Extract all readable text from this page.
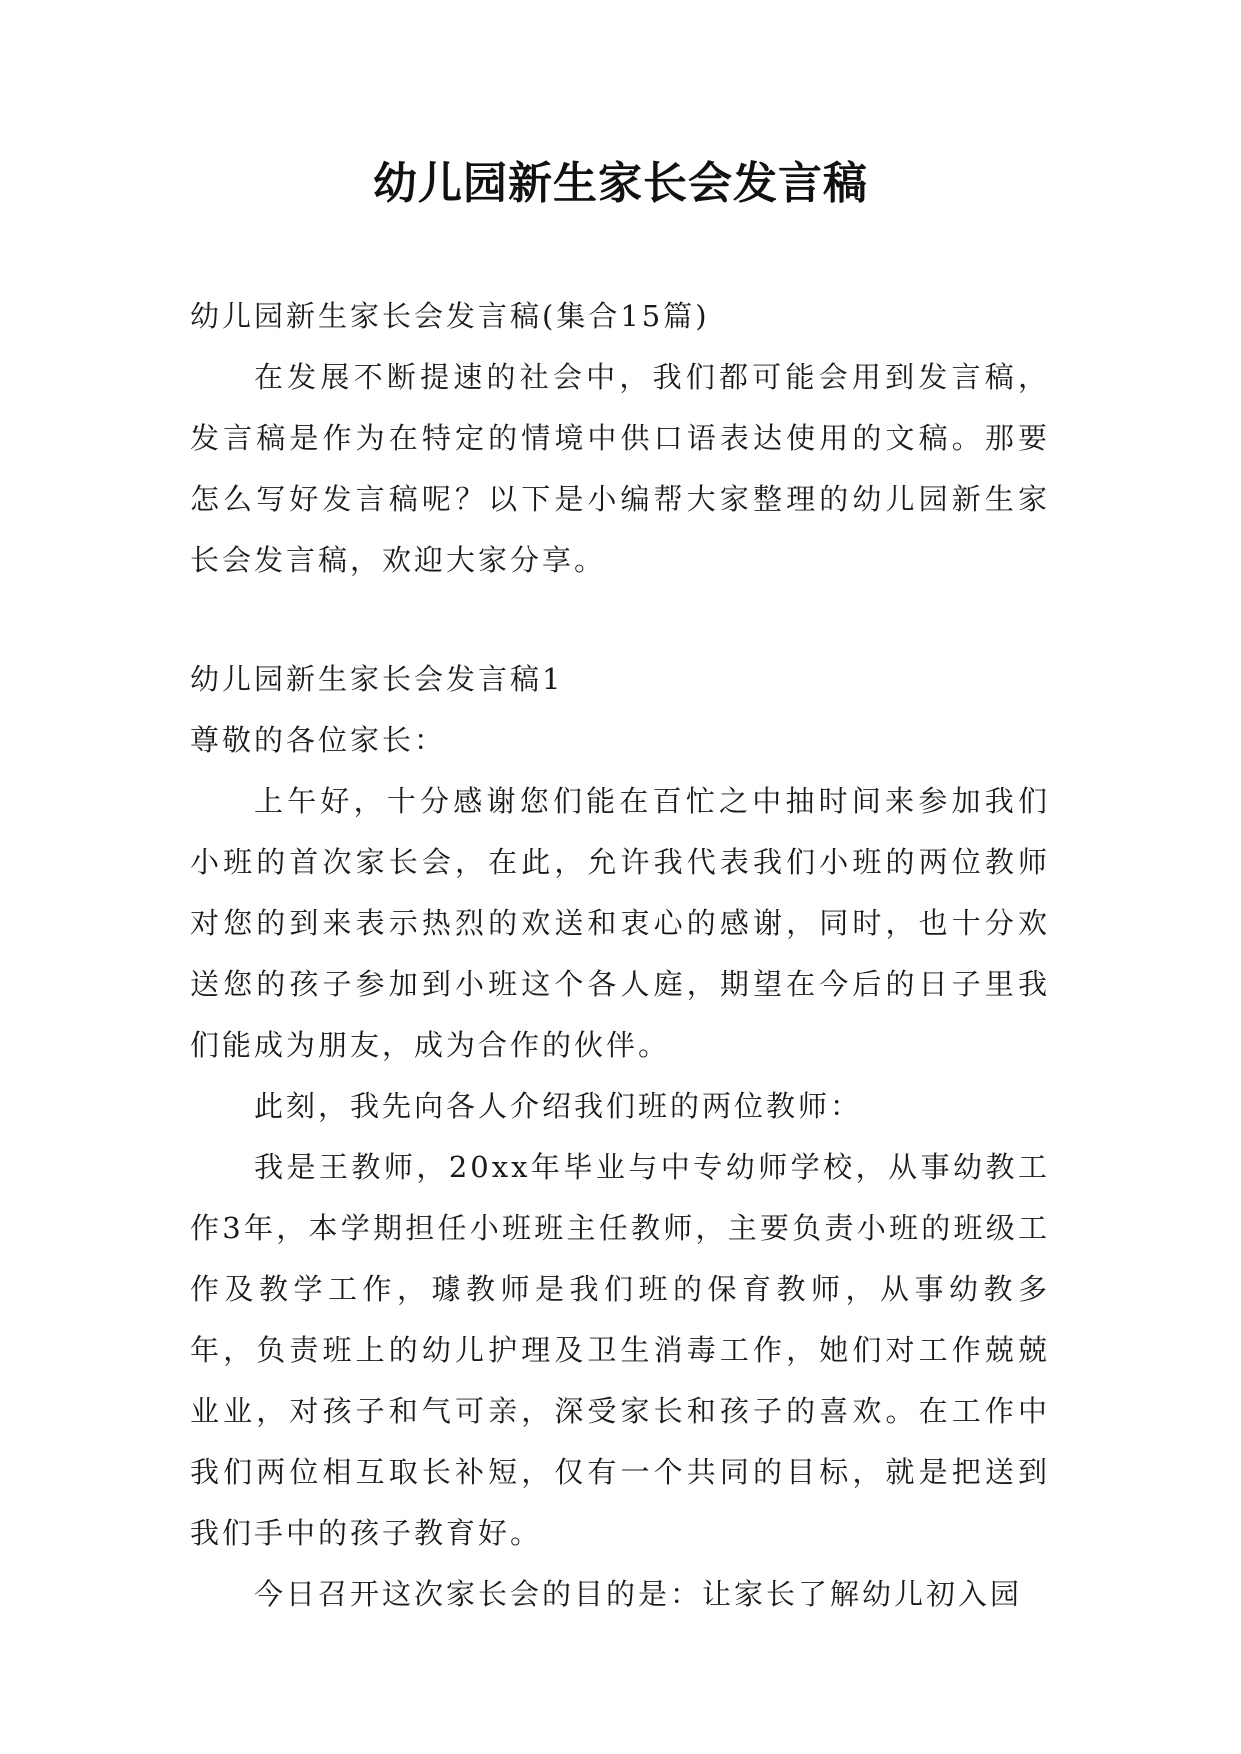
幼儿园新生家长会发言稿

幼儿园新生家长会发言稿(集合15篇)

在发展不断提速的社会中，我们都可能会用到发言稿，发言稿是作为在特定的情境中供口语表达使用的文稿。那要怎么写好发言稿呢？以下是小编帮大家整理的幼儿园新生家长会发言稿，欢迎大家分享。

幼儿园新生家长会发言稿1

尊敬的各位家长：

上午好，十分感谢您们能在百忙之中抽时间来参加我们小班的首次家长会，在此，允许我代表我们小班的两位教师对您的到来表示热烈的欢送和衷心的感谢，同时，也十分欢送您的孩子参加到小班这个各人庭，期望在今后的日子里我们能成为朋友，成为合作的伙伴。

此刻，我先向各人介绍我们班的两位教师：

我是王教师，20xx年毕业与中专幼师学校，从事幼教工作3年，本学期担任小班班主任教师，主要负责小班的班级工作及教学工作，璩教师是我们班的保育教师，从事幼教多年，负责班上的幼儿护理及卫生消毒工作，她们对工作兢兢业业，对孩子和气可亲，深受家长和孩子的喜欢。在工作中我们两位相互取长补短，仅有一个共同的目标，就是把送到我们手中的孩子教育好。

今日召开这次家长会的目的是：让家长了解幼儿初入园
